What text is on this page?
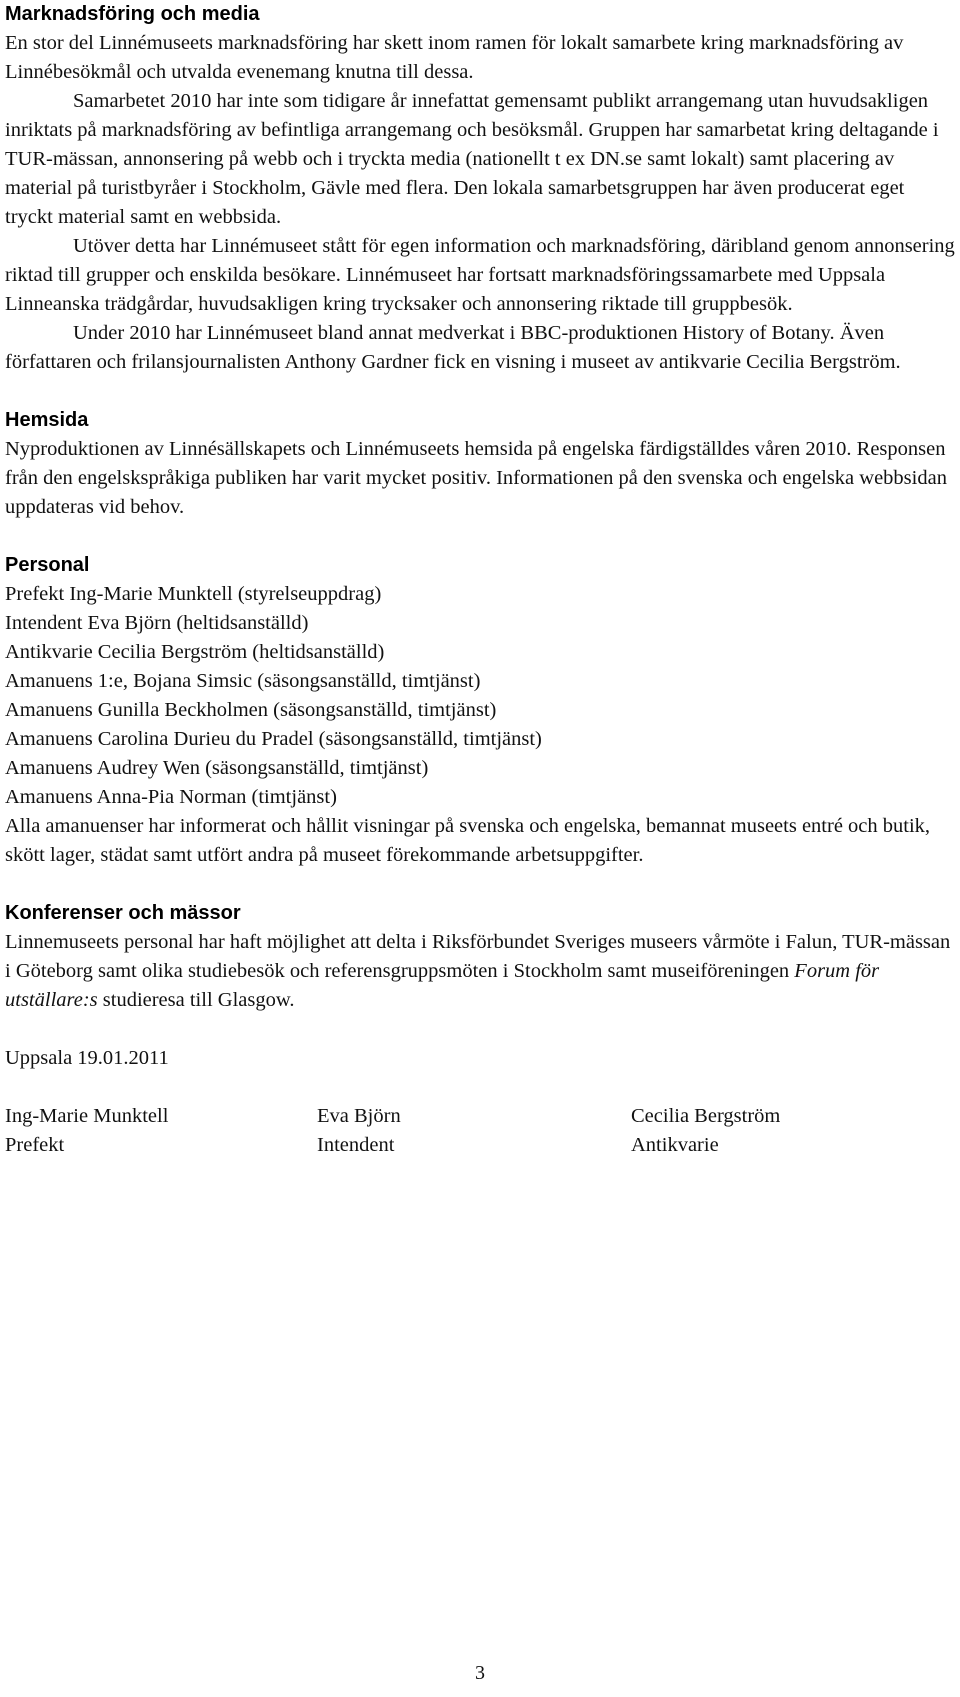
Marknadsföring och media

En stor del Linnémuseets marknadsföring har skett inom ramen för lokalt samarbete kring marknadsföring av Linnébesökmål och utvalda evenemang knutna till dessa.

Samarbetet 2010 har inte som tidigare år innefattat gemensamt publikt arrangemang utan huvudsakligen inriktats på marknadsföring av befintliga arrangemang och besöksmål. Gruppen har samarbetat kring deltagande i TUR-mässan, annonsering på webb och i tryckta media (nationellt t ex DN.se samt lokalt) samt placering av material på turistbyråer i Stockholm, Gävle med flera. Den lokala samarbetsgruppen har även producerat eget tryckt material samt en webbsida.

Utöver detta har Linnémuseet stått för egen information och marknadsföring, däribland genom annonsering riktad till grupper och enskilda besökare. Linnémuseet har fortsatt marknadsföringssamarbete med Uppsala Linneanska trädgårdar, huvudsakligen kring trycksaker och annonsering riktade till gruppbesök.

Under 2010 har Linnémuseet bland annat medverkat i BBC-produktionen History of Botany. Även författaren och frilansjournalisten Anthony Gardner fick en visning i museet av antikvarie Cecilia Bergström.

Hemsida

Nyproduktionen av Linnésällskapets och Linnémuseets hemsida på engelska färdigställdes våren 2010. Responsen från den engelskspråkiga publiken har varit mycket positiv. Informationen på den svenska och engelska webbsidan uppdateras vid behov.

Personal
Prefekt Ing-Marie Munktell (styrelseuppdrag)
Intendent Eva Björn (heltidsanställd)
Antikvarie Cecilia Bergström (heltidsanställd)
Amanuens 1:e, Bojana Simsic (säsongsanställd, timtjänst)
Amanuens Gunilla Beckholmen (säsongsanställd, timtjänst)
Amanuens Carolina Durieu du Pradel (säsongsanställd, timtjänst)
Amanuens Audrey Wen (säsongsanställd, timtjänst)
Amanuens Anna-Pia Norman (timtjänst)

Alla amanuenser har informerat och hållit visningar på svenska och engelska, bemannat museets entré och butik, skött lager, städat samt utfört andra på museet förekommande arbetsuppgifter.

Konferenser och mässor

Linnemuseets personal har haft möjlighet att delta i Riksförbundet Sveriges museers vårmöte i Falun, TUR-mässan i Göteborg samt olika studiebesök och referensgruppsmöten i Stockholm samt museiföreningen Forum för utställare:s studieresa till Glasgow.

Uppsala 19.01.2011

Ing-Marie Munktell
Prefekt
Eva Björn
Intendent
Cecilia Bergström
Antikvarie
3
